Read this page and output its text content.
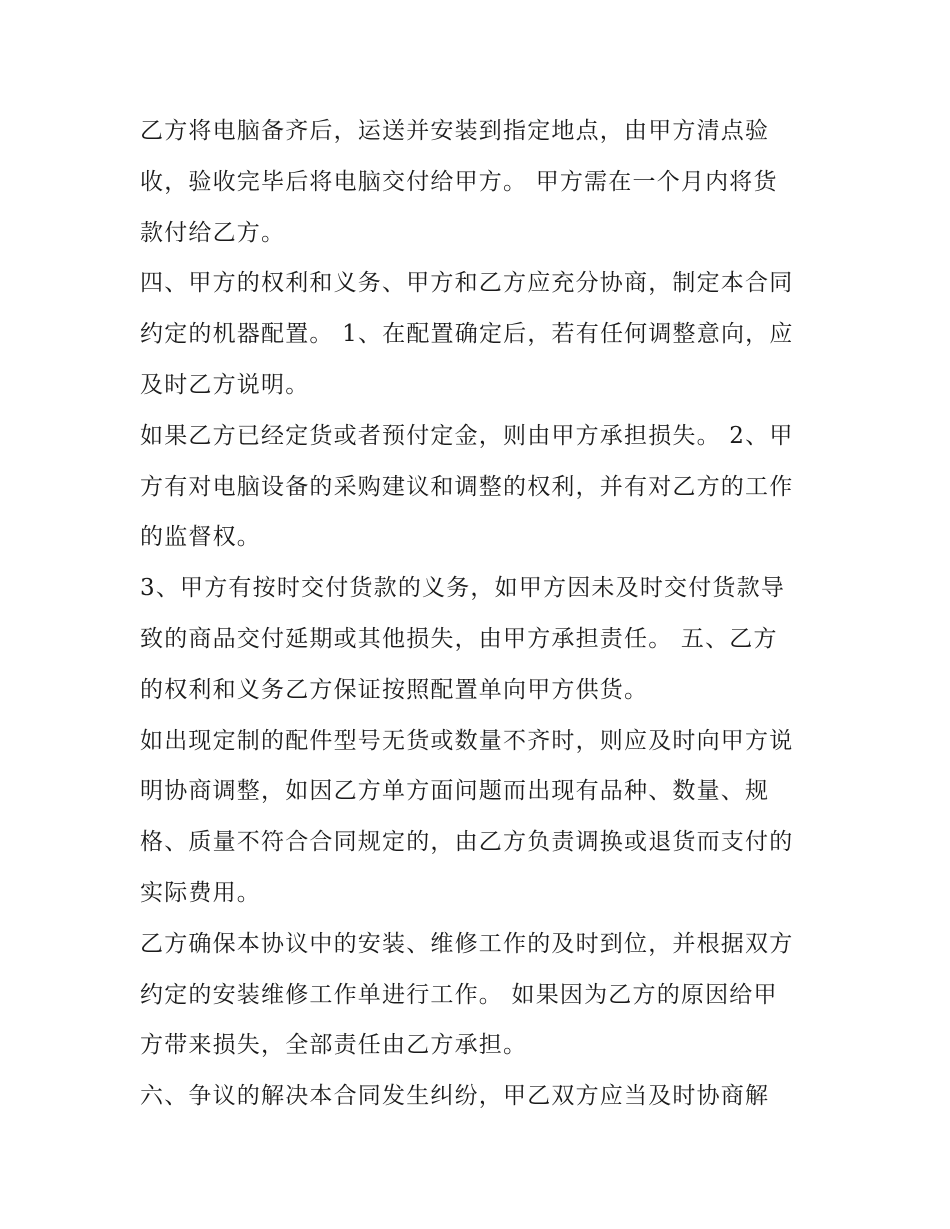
乙方将电脑备齐后，运送并安装到指定地点，由甲方清点验
收，验收完毕后将电脑交付给甲方。 甲方需在一个月内将货
款付给乙方。

四、甲方的权利和义务、甲方和乙方应充分协商，制定本合同
约定的机器配置。 1、在配置确定后，若有任何调整意向，应
及时乙方说明。

如果乙方已经定货或者预付定金，则由甲方承担损失。 2、甲
方有对电脑设备的采购建议和调整的权利，并有对乙方的工作
的监督权。

3、甲方有按时交付货款的义务，如甲方因未及时交付货款导
致的商品交付延期或其他损失，由甲方承担责任。 五、乙方
的权利和义务乙方保证按照配置单向甲方供货。

如出现定制的配件型号无货或数量不齐时，则应及时向甲方说
明协商调整，如因乙方单方面问题而出现有品种、数量、规
格、质量不符合合同规定的，由乙方负责调换或退货而支付的
实际费用。

乙方确保本协议中的安装、维修工作的及时到位，并根据双方
约定的安装维修工作单进行工作。 如果因为乙方的原因给甲
方带来损失，全部责任由乙方承担。

六、争议的解决本合同发生纠纷，甲乙双方应当及时协商解
